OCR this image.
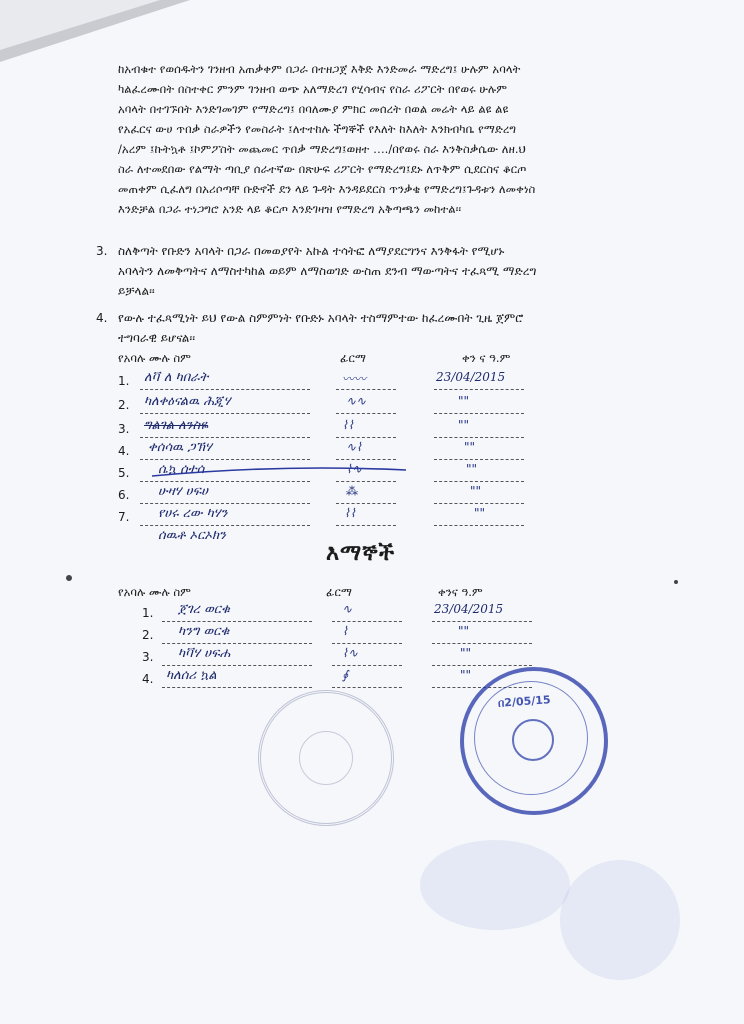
ከአብቁተ የወሰዱትን ገንዘብ አጠቃቀም በጋራ በተዘጋጀ እቅድ እንድመራ ማድረግ፤ ሁሉም አባላት
ካልፈረሙበት በስተቀር ምንም ገንዘብ ወጭ አለማድረገ የሂሳብና የስራ ሪፖርት በየወሩ ሁሉም
አባላት በተገኙበት እንድገመገም የማድረግ፤ በባለሙያ ምክር መሰረት በወል መሬት ላይ ልዩ ልዩ
የአፈርና ውሀ ጥበቃ ስራዎችን የመስራት ፤ለተተከሉ ችግኞች የእለት ከእለት እንክብካቤ የማድረግ
/አረም ፤ኩትኳቶ ፤ኮምፖስት መጨመር ጥበቃ ማድረግ፤ወዘተ …./በየወሩ ስራ እንቅስቃሴው ለዘ.ህ
ስራ ለተመደበው የልማት ጣቢያ ሰራተኛው በጽሁፍ ሪፖርት የማድረግ፤ደኑ ለጥቅም ሲደርስና ቆርጦ
መጠቀም ሲፈለግ በአሪሶጣቸ ቡድኖች ደን ላይ ጉዳት እንዳይደርስ ጥንቃቄ የማድረግ፤ጉዳቱን ለመቀነስ
እንድቻል በጋራ ተነጋግሮ አንድ ላይ ቆርጦ እንድገዛዝ የማድረግ አቅጣጫን መከተል፡፡
3. ስለቅጣት የቡድን አባላት በጋራ በመወያየት አኩል ተሳትፎ ለማያደርግንና እንቅፋት የሚሆኑ
አባላትን ለመቅጣትና ለማስተካከል ወይም ለማስወገድ ውስጠ ደንብ ማውጣትና ተፈጻሚ ማድረግ
ይቻላል፡፡
4. የውሉ ተፈጻሚነት ይህ የውል ስምምነት የቡድኑ አባላት ተስማምተው ከፈረሙበት ጊዜ ጀምሮ
ተግባራዊ ይሆናል፡፡
የአባሉ ሙሉ ስም	ፊርማ	ቀን ና ዓ.ም
1. ለቫ ለ ካበራት	〰〰	23/04/2015
2. ካለቀዕናልዉ ሕጂሃ	∿∿	""
3. ግልገል ለንስዬ	⌇⌇	""
4. ቀሰ‌ሳዉ ጋኽሃ	∿⌇	""
5. ሴኳ ሰ‌ተሰ	⌇∿	""
6. ሁዛሃ ሀፍሀ	⁂	""
7. የሀሩ ረው ካሃን	⌇⌇	""
ሰዉቶ ኦርኦክን
እማኞች
የአባሉ ሙሉ ስም	ፊርማ	ቀንና ዓ.ም
1. ጀገረ ወርቁ	∿	23/04/2015
2. ካንግ ወርቁ	⌇	""
3. ካቫሃ ሀፍሐ	⌇∿	""
4. ካለሰሪ ኳል	∮	""
በ2/05/15
